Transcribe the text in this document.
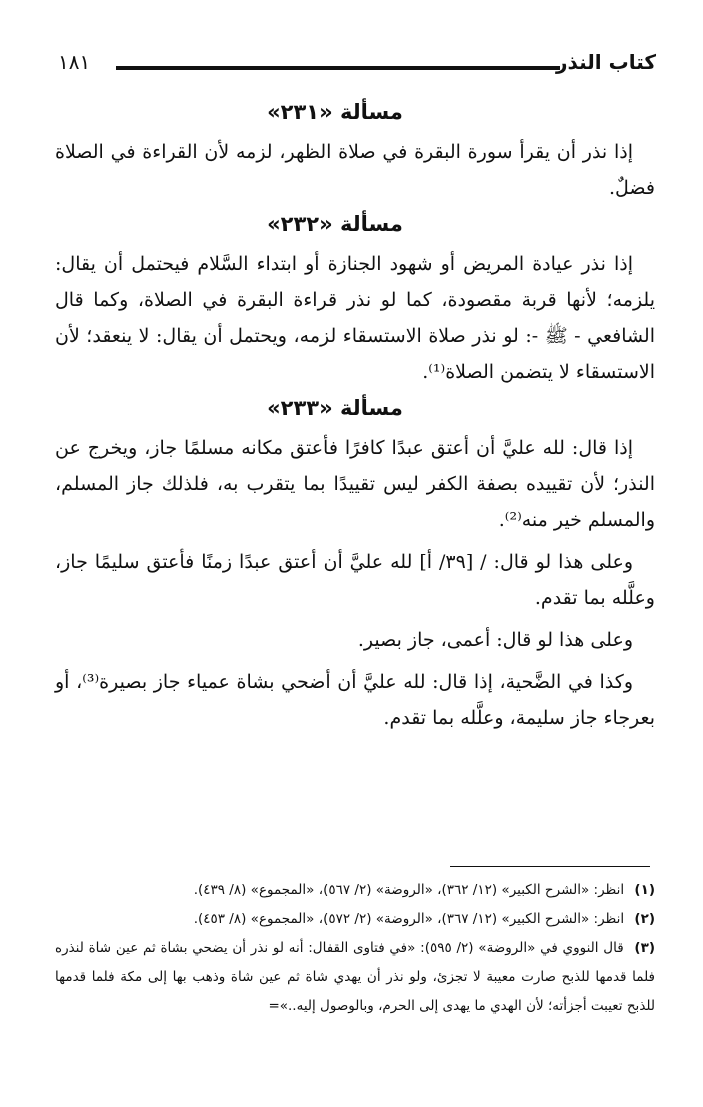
١٨١	كتاب النذر
مسألة «٢٣١»

إذا نذر أن يقرأ سورة البقرة في صلاة الظهر، لزمه لأن القراءة في الصلاة فضلٌ.

مسألة «٢٣٢»

إذا نذر عيادة المريض أو شهود الجنازة أو ابتداء السَّلام فيحتمل أن يقال: يلزمه؛ لأنها قربة مقصودة، كما لو نذر قراءة البقرة في الصلاة، وكما قال الشافعي - ﷺ -: لو نذر صلاة الاستسقاء لزمه، ويحتمل أن يقال: لا ينعقد؛ لأن الاستسقاء لا يتضمن الصلاة⁽¹⁾.

مسألة «٢٣٣»

إذا قال: لله عليَّ أن أعتق عبدًا كافرًا فأعتق مكانه مسلمًا جاز، ويخرج عن النذر؛ لأن تقييده بصفة الكفر ليس تقييدًا بما يتقرب به، فلذلك جاز المسلم، والمسلم خير منه⁽²⁾.

وعلى هذا لو قال: / [٣٩/ أ] لله عليَّ أن أعتق عبدًا زمنًا فأعتق سليمًا جاز، وعلَّله بما تقدم.

وعلى هذا لو قال: أعمى، جاز بصير.

وكذا في الضَّحية، إذا قال: لله عليَّ أن أضحي بشاة عمياء جاز بصيرة⁽³⁾، أو بعرجاء جاز سليمة، وعلَّله بما تقدم.

(١) انظر: «الشرح الكبير» (١٢/ ٣٦٢)، «الروضة» (٢/ ٥٦٧)، «المجموع» (٨/ ٤٣٩).

(٢) انظر: «الشرح الكبير» (١٢/ ٣٦٧)، «الروضة» (٢/ ٥٧٢)، «المجموع» (٨/ ٤٥٣).

(٣) قال النووي في «الروضة» (٢/ ٥٩٥): «في فتاوى القفال: أنه لو نذر أن يضحي بشاة ثم عين شاة لنذره فلما قدمها للذبح صارت معيبة لا تجزئ، ولو نذر أن يهدي شاة ثم عين شاة وذهب بها إلى مكة فلما قدمها للذبح تعيبت أجزأته؛ لأن الهدي ما يهدى إلى الحرم، وبالوصول إليه..»=
